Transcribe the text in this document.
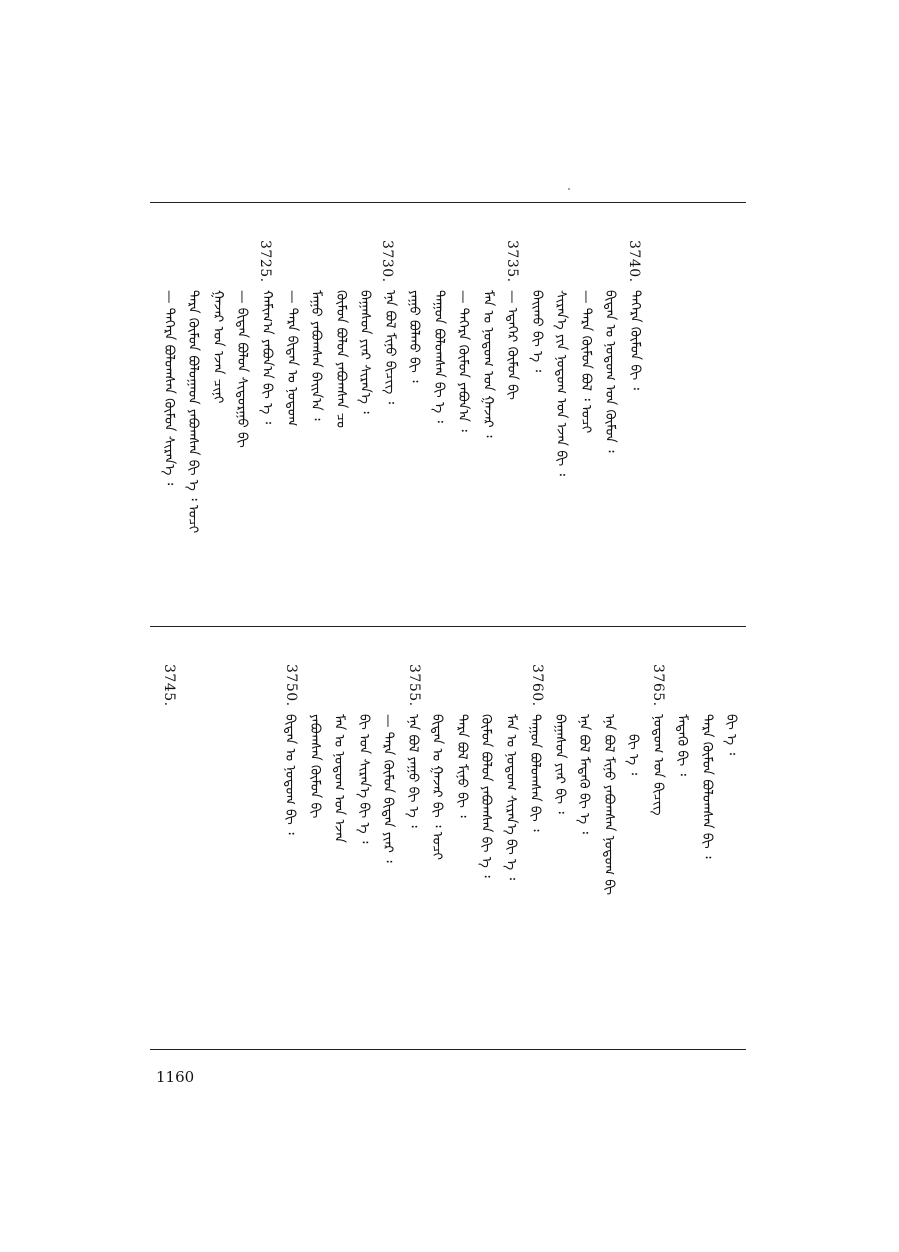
3725.	3730.	3735.	3740.
— ᠳᠡᠭᠡᠷᠡ ᠪᠤᠯᠤᠭᠰᠠᠨ ᠬᠦᠮᠦᠨ ᠰᠢᠷᠡᠨ᠎ᠡ ᠄ ᠲᠡᠷᠡ ᠬᠦᠮᠦᠨ ᠪᠤᠯᠤᠭᠠᠳ ᠶᠠᠪᠤᠭᠰᠠᠨ ᠪᠢ ᠡ ᠄ ᠣᠴᠢ ᠭᠠᠵᠠᠷ ᠤᠨ ᠡᠵᠡᠨ ᠴᠢᠨᠢ — ᠪᠢᠳᠡᠨ ᠪᠤᠯᠤᠨ ᠰᠢᠳᠤᠷᠭᠤ ᠪᠢ ᠬᠠᠮᠢᠭ᠎ᠠ ᠶᠠᠪᠤᠨ᠎ᠠ ᠪᠢ ᠡ ᠄ — ᠲᠡᠷᠡ ᠪᠢᠳᠡᠨ ᠤ ᠨᠤᠲᠤᠭ ᠮᠠᠭᠤ ᠶᠠᠪᠤᠭᠰᠠᠨ ᠪᠠᠢ᠌ᠨ᠎ᠠ ᠄ ᠬᠦᠮᠦᠨ ᠪᠤᠯᠤᠨ ᠶᠠᠪᠤᠭᠰᠠᠨ ᠴᠤ ᠪᠠᠭᠠᠰᠤᠨ ᠶᠢᠡᠷ ᠰᠢᠷᠡᠨ᠎ᠡ ᠄ ᠡᠨᠡ ᠪᠤᠯ ᠮᠢᠨᠤ ᠪᠢᠴᠢᠭ ᠄ ᠶᠠᠭᠤ ᠪᠤᠯᠬᠤ ᠪᠢ ᠄ ᠳᠠᠭᠤᠨ ᠪᠤᠯᠤᠭᠰᠠᠨ ᠪᠢ ᠡ ᠄ — ᠳᠡᠭᠡᠷᠡ ᠬᠦᠮᠦᠨ ᠶᠠᠪᠤᠨ᠎ᠠ ᠄ ᠮᠠᠨ ᠤ ᠨᠤᠲᠤᠭ ᠤᠨ ᠭᠠᠵᠠᠷ ᠄ — ᠡᠳᠡᠭᠡᠷ ᠬᠦᠮᠦᠨ ᠪᠢ ᠪᠠᠢ᠌ᠬᠤ ᠪᠢ ᠡ ᠄ ᠰᠢᠷᠡᠨ᠎ᠡ ᠶᠢᠨ ᠨᠤᠲᠤᠭ ᠤᠨ ᠡᠵᠡᠨ ᠪᠢ ᠄ — ᠲᠡᠷᠡ ᠬᠦᠮᠦᠨ ᠪᠤᠯ ᠄ ᠣᠴᠢ ᠪᠢᠳᠡᠨ ᠤ ᠨᠤᠲᠤᠭ ᠤᠨ ᠬᠦᠮᠦᠨ ᠄ ᠳᠡᠭᠡᠷᠡ ᠬᠦᠮᠦᠨ ᠪᠢ ᠄
3745.	3750.	3755.	3760.	3765.
ᠪᠢ ᠡ ᠄
ᠲᠡᠷᠡ ᠬᠦᠮᠦᠨ ᠪᠤᠯᠤᠭᠰᠠᠨ ᠪᠢ ᠄
ᠮᠡᠳᠡᠬᠦ ᠪᠢ ᠄
ᠨᠤᠲᠤᠭ ᠤᠨ ᠪᠢᠴᠢᠭ
ᠪᠢ ᠡ ᠄
ᠡᠨᠡ ᠪᠤᠯ ᠮᠢᠨᠤ ᠶᠠᠪᠤᠭᠰᠠᠨ ᠨᠤᠲᠤᠭ ᠪᠢ
ᠡᠨᠡ ᠪᠤᠯ ᠮᠡᠳᠡᠬᠦ ᠪᠢ ᠡ ᠄
ᠪᠠᠭᠠᠰᠤᠨ ᠶᠢᠡᠷ ᠪᠢ ᠄
ᠳᠠᠭᠤᠨ ᠪᠤᠯᠤᠭᠰᠠᠨ ᠪᠢ ᠄
ᠮᠠᠨ ᠤ ᠨᠤᠲᠤᠭ ᠰᠢᠷᠡᠨ᠎ᠡ ᠪᠢ ᠡ ᠄
ᠬᠦᠮᠦᠨ ᠪᠤᠯᠤᠨ ᠶᠠᠪᠤᠭᠰᠠᠨ ᠪᠢ ᠡ ᠄
ᠲᠡᠷᠡ ᠪᠤᠯ ᠮᠢᠨᠤ ᠪᠢ ᠄
ᠪᠢᠳᠡᠨ ᠤ ᠭᠠᠵᠠᠷ ᠪᠢ ᠄ ᠣᠴᠢ
ᠡᠨᠡ ᠪᠤᠯ ᠶᠠᠭᠤ ᠪᠢ ᠡ ᠄
— ᠲᠡᠷᠡ ᠬᠦᠮᠦᠨ ᠪᠢᠳᠡᠨ ᠶᠢᠡᠷ ᠄
ᠪᠢ ᠤᠨ ᠰᠢᠷᠡᠨ᠎ᠡ ᠪᠢ ᠡ ᠄
ᠮᠠᠨ ᠤ ᠨᠤᠲᠤᠭ ᠤᠨ ᠡᠵᠡᠨ
ᠶᠠᠪᠤᠭᠰᠠᠨ ᠬᠦᠮᠦᠨ ᠪᠢ
ᠪᠢᠳᠡᠨ ᠤ ᠨᠤᠲᠤᠭ ᠪᠢ ᠄
1160
